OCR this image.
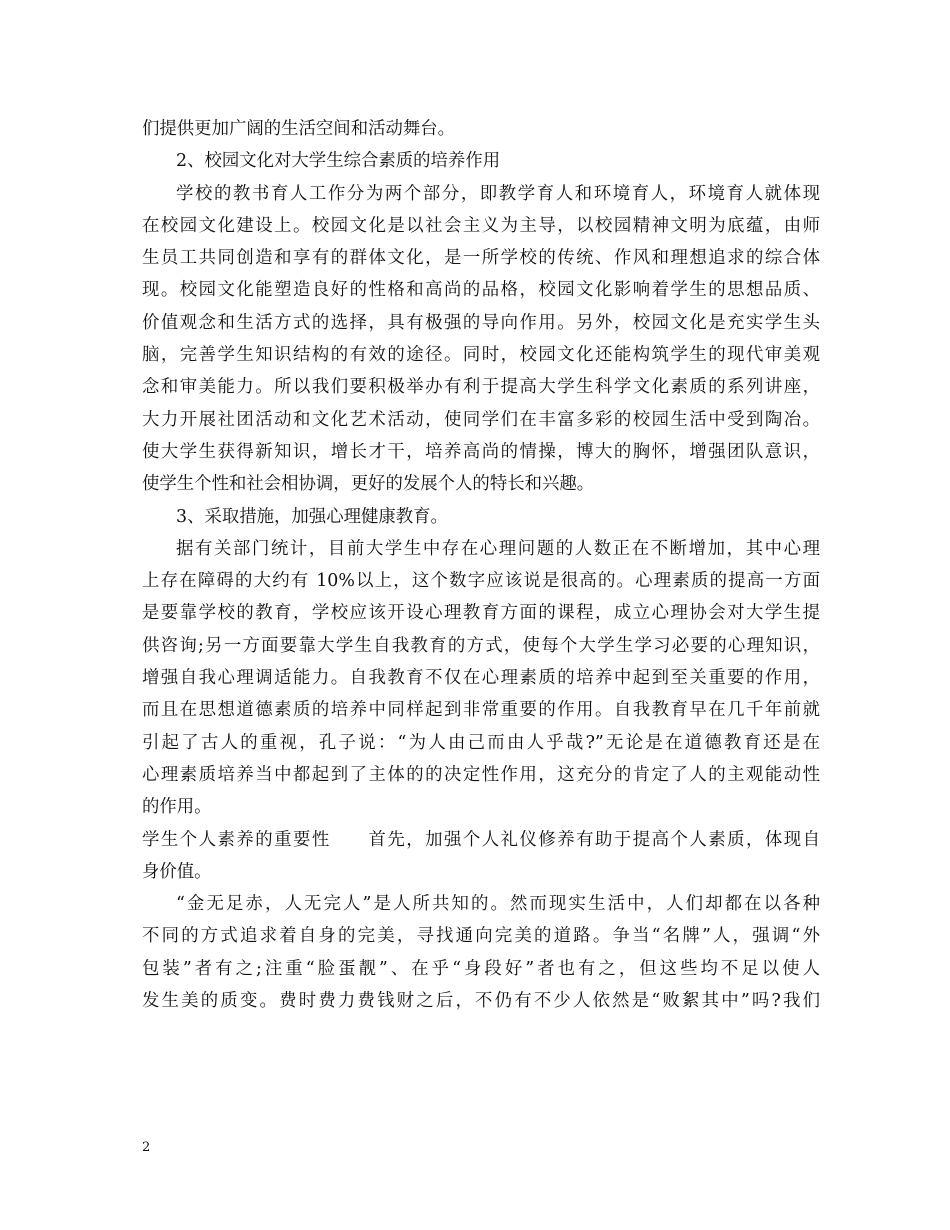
们提供更加广阔的生活空间和活动舞台。
2、校园文化对大学生综合素质的培养作用
学校的教书育人工作分为两个部分，即教学育人和环境育人，环境育人就体现
在校园文化建设上。校园文化是以社会主义为主导，以校园精神文明为底蕴，由师
生员工共同创造和享有的群体文化，是一所学校的传统、作风和理想追求的综合体
现。校园文化能塑造良好的性格和高尚的品格，校园文化影响着学生的思想品质、
价值观念和生活方式的选择，具有极强的导向作用。另外，校园文化是充实学生头
脑，完善学生知识结构的有效的途径。同时，校园文化还能构筑学生的现代审美观
念和审美能力。所以我们要积极举办有利于提高大学生科学文化素质的系列讲座，
大力开展社团活动和文化艺术活动，使同学们在丰富多彩的校园生活中受到陶冶。
使大学生获得新知识，增长才干，培养高尚的情操，博大的胸怀，增强团队意识，
使学生个性和社会相协调，更好的发展个人的特长和兴趣。
3、采取措施，加强心理健康教育。
据有关部门统计，目前大学生中存在心理问题的人数正在不断增加，其中心理
上存在障碍的大约有 10%以上，这个数字应该说是很高的。心理素质的提高一方面
是要靠学校的教育，学校应该开设心理教育方面的课程，成立心理协会对大学生提
供咨询;另一方面要靠大学生自我教育的方式，使每个大学生学习必要的心理知识，
增强自我心理调适能力。自我教育不仅在心理素质的培养中起到至关重要的作用，
而且在思想道德素质的培养中同样起到非常重要的作用。自我教育早在几千年前就
引起了古人的重视，孔子说：“为人由己而由人乎哉?”无论是在道德教育还是在
心理素质培养当中都起到了主体的的决定性作用，这充分的肯定了人的主观能动性
的作用。
学生个人素养的重要性　　首先，加强个人礼仪修养有助于提高个人素质，体现自
身价值。
“金无足赤，人无完人”是人所共知的。然而现实生活中，人们却都在以各种
不同的方式追求着自身的完美，寻找通向完美的道路。争当“名牌”人，强调“外
包装”者有之;注重“脸蛋靓”、在乎“身段好”者也有之，但这些均不足以使人
发生美的质变。费时费力费钱财之后，不仍有不少人依然是“败絮其中”吗?我们
2
